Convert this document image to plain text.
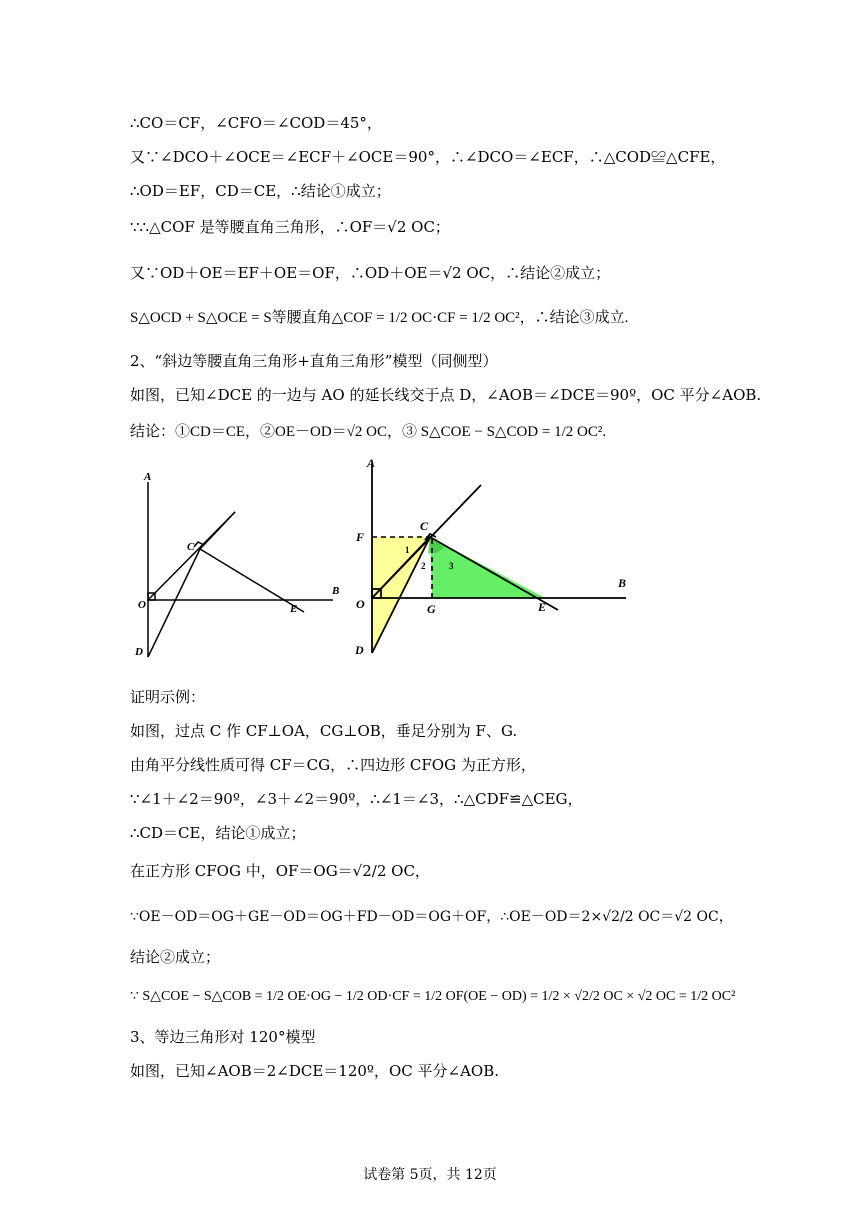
∴CO＝CF，∠CFO＝∠COD＝45°，
又∵∠DCO＋∠OCE＝∠ECF＋∠OCE＝90°，∴∠DCO＝∠ECF，∴△COD≌△CFE，
∴OD＝EF，CD＝CE，∴结论①成立；
∵∴△COF 是等腰直角三角形，∴OF＝√2 OC；
又∵OD＋OE＝EF＋OE＝OF，∴OD＋OE＝√2 OC，∴结论②成立；
S△OCD + S△OCE = S等腰直角△COF = 1/2 OC·CF = 1/2 OC²，∴结论③成立.
2、“斜边等腰直角三角形+直角三角形”模型（同侧型）
如图，已知∠DCE 的一边与 AO 的延长线交于点 D，∠AOB＝∠DCE＝90º，OC 平分∠AOB.
结论：①CD＝CE，②OE－OD＝√2 OC，③ S△COE − S△COD = 1/2 OC².
A
B
C
O
D
E
A
B
C
F
G
O
D
E
1
2	3
证明示例：
如图，过点 C 作 CF⊥OA，CG⊥OB，垂足分别为 F、G.
由角平分线性质可得 CF＝CG，∴四边形 CFOG 为正方形，
∵∠1＋∠2＝90º，∠3＋∠2＝90º，∴∠1＝∠3，∴△CDF≌△CEG，
∴CD＝CE，结论①成立；
在正方形 CFOG 中，OF＝OG＝√2/2 OC，
∵OE－OD＝OG＋GE－OD＝OG＋FD－OD＝OG＋OF，∴OE－OD＝2×√2/2 OC＝√2 OC，
结论②成立；
∵ S△COE − S△COB = 1/2 OE·OG − 1/2 OD·CF = 1/2 OF(OE − OD) = 1/2 × √2/2 OC × √2 OC = 1/2 OC²
3、等边三角形对 120°模型
如图，已知∠AOB＝2∠DCE＝120º，OC 平分∠AOB.
试卷第 5页，共 12页
